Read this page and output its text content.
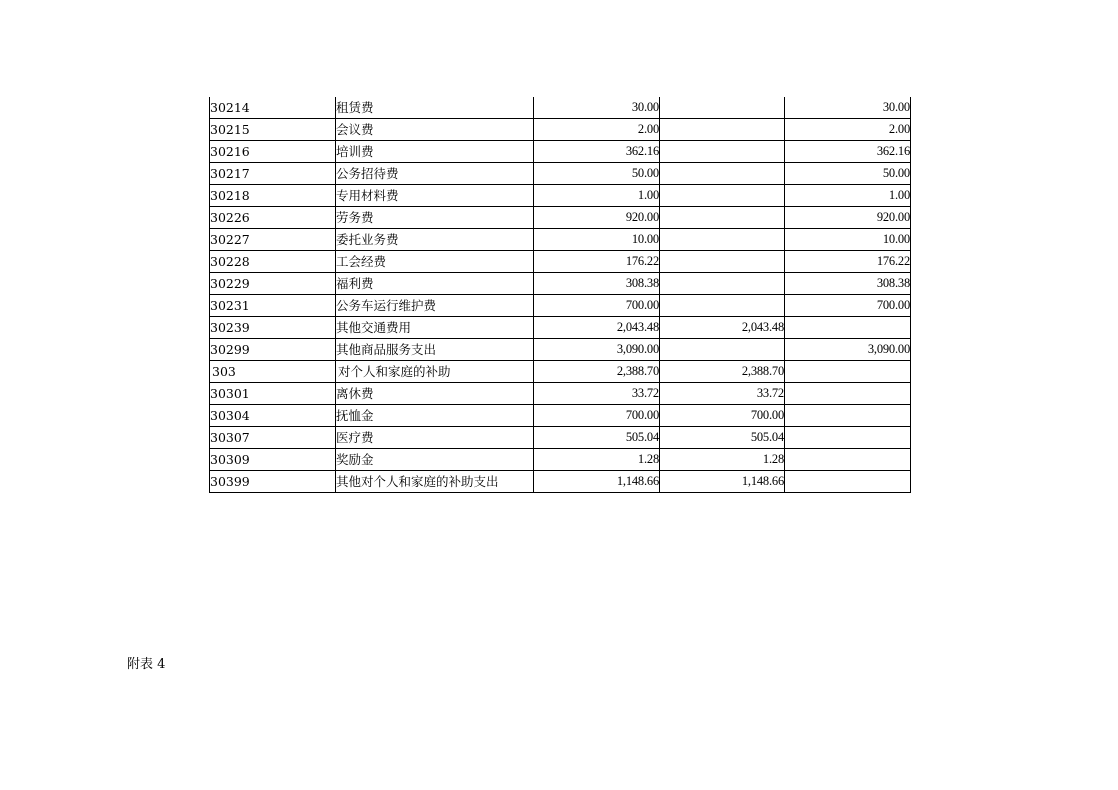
30214	租赁费	30.00		30.00
30215	会议费	2.00		2.00
30216	培训费	362.16		362.16
30217	公务招待费	50.00		50.00
30218	专用材料费	1.00		1.00
30226	劳务费	920.00		920.00
30227	委托业务费	10.00		10.00
30228	工会经费	176.22		176.22
30229	福利费	308.38		308.38
30231	公务车运行维护费	700.00		700.00
30239	其他交通费用	2,043.48	2,043.48	
30299	其他商品服务支出	3,090.00		3,090.00
303	对个人和家庭的补助	2,388.70	2,388.70	
30301	离休费	33.72	33.72	
30304	抚恤金	700.00	700.00	
30307	医疗费	505.04	505.04	
30309	奖励金	1.28	1.28	
30399	其他对个人和家庭的补助支出	1,148.66	1,148.66	
附表 4
